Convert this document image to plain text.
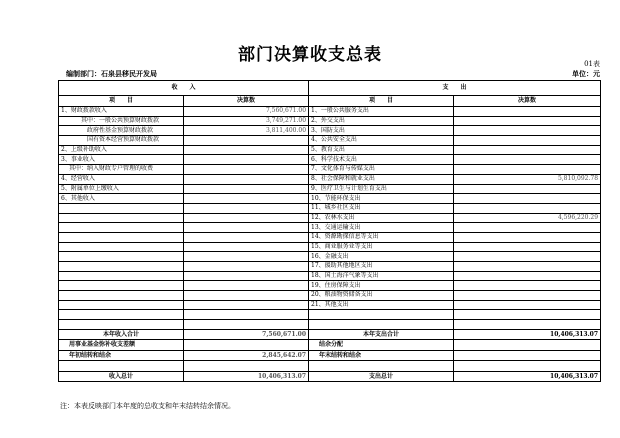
部门决算收支总表	01表
编制部门：石泉县移民开发局	单位：元
收　　入		支　　出	
项　　目	决算数	项　　目	决算数
1、财政拨款收入	7,560,671.00	1、一般公共服务支出	
其中：一般公共预算财政拨款	3,749,271.00	2、外交支出	
政府性基金预算财政拨款	3,811,400.00	3、国防支出	
国有资本经营预算财政拨款		4、公共安全支出	
2、上级补助收入		5、教育支出	
3、事业收入		6、科学技术支出	
其中：纳入财政专户管理的收费		7、文化体育与传媒支出	
4、经营收入		8、社会保障和就业支出	5,810,092.78
5、附属单位上缴收入		9、医疗卫生与计划生育支出	
6、其他收入		10、节能环保支出	
		11、城乡社区支出	
		12、农林水支出	4,596,220.29
		13、交通运输支出	
		14、资源勘探信息等支出	
		15、商业服务业等支出	
		16、金融支出	
		17、援助其他地区支出	
		18、国土海洋气象等支出	
		19、住房保障支出	
		20、粮油物资储备支出	
		21、其他支出	

本年收入合计	7,560,671.00	本年支出合计	10,406,313.07
用事业基金弥补收支差额		结余分配	
年初结转和结余	2,845,642.07	年末结转和结余	

收入总计	10,406,313.07	支出总计	10,406,313.07
注：本表反映部门本年度的总收支和年末结转结余情况。
